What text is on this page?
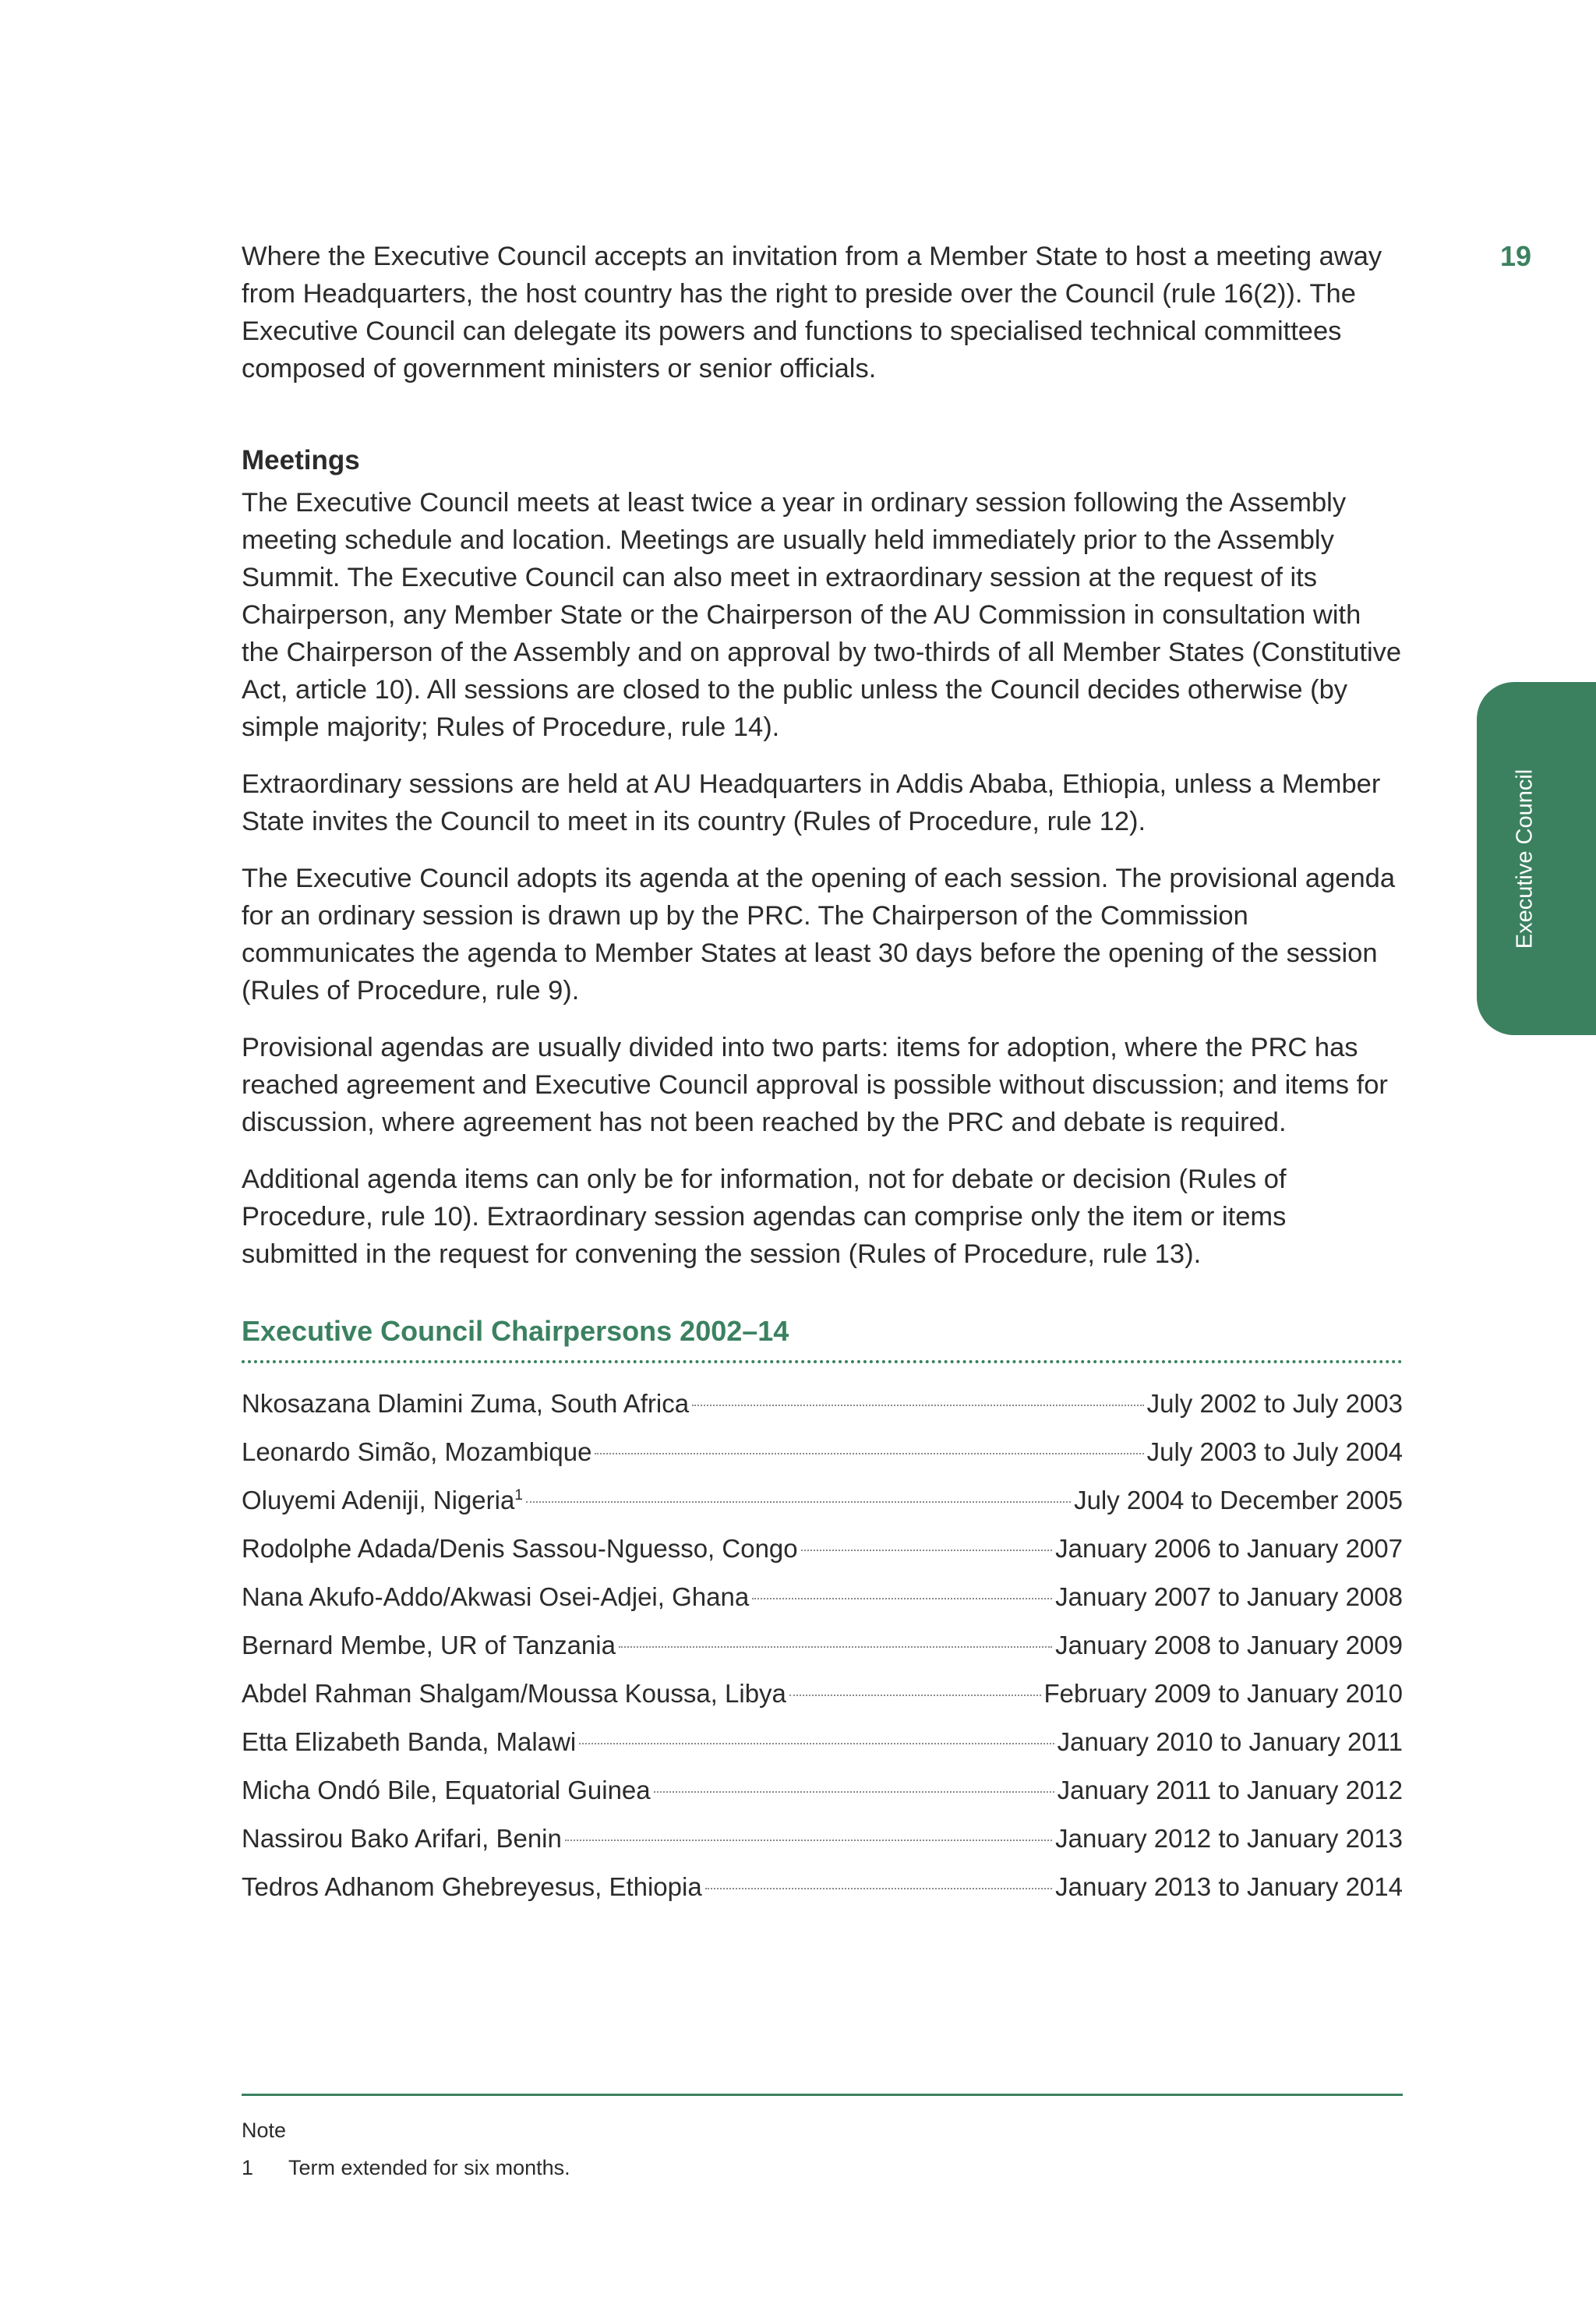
19
Executive Council

Where the Executive Council accepts an invitation from a Member State to host a meeting away from Headquarters, the host country has the right to preside over the Council (rule 16(2)). The Executive Council can delegate its powers and functions to specialised technical committees composed of government ministers or senior officials.

Meetings

The Executive Council meets at least twice a year in ordinary session following the Assembly meeting schedule and location. Meetings are usually held immediately prior to the Assembly Summit. The Executive Council can also meet in extraordinary session at the request of its Chairperson, any Member State or the Chairperson of the AU Commission in consultation with the Chairperson of the Assembly and on approval by two-thirds of all Member States (Constitutive Act, article 10). All sessions are closed to the public unless the Council decides otherwise (by simple majority; Rules of Procedure, rule 14).

Extraordinary sessions are held at AU Headquarters in Addis Ababa, Ethiopia, unless a Member State invites the Council to meet in its country (Rules of Procedure, rule 12).

The Executive Council adopts its agenda at the opening of each session. The provisional agenda for an ordinary session is drawn up by the PRC. The Chairperson of the Commission communicates the agenda to Member States at least 30 days before the opening of the session (Rules of Procedure, rule 9).

Provisional agendas are usually divided into two parts: items for adoption, where the PRC has reached agreement and Executive Council approval is possible without discussion; and items for discussion, where agreement has not been reached by the PRC and debate is required.

Additional agenda items can only be for information, not for debate or decision (Rules of Procedure, rule 10). Extraordinary session agendas can comprise only the item or items submitted in the request for convening the session (Rules of Procedure, rule 13).

Executive Council Chairpersons 2002–14
Nkosazana Dlamini Zuma, South Africa	July 2002 to July 2003
Leonardo Simão, Mozambique	July 2003 to July 2004
Oluyemi Adeniji, Nigeria$^1$	July 2004 to December 2005
Rodolphe Adada/Denis Sassou-Nguesso, Congo	January 2006 to January 2007
Nana Akufo-Addo/Akwasi Osei-Adjei, Ghana	January 2007 to January 2008
Bernard Membe, UR of Tanzania	January 2008 to January 2009
Abdel Rahman Shalgam/Moussa Koussa, Libya	February 2009 to January 2010
Etta Elizabeth Banda, Malawi	January 2010 to January 2011
Micha Ondó Bile, Equatorial Guinea	January 2011 to January 2012
Nassirou Bako Arifari, Benin	January 2012 to January 2013
Tedros Adhanom Ghebreyesus, Ethiopia	January 2013 to January 2014
Note
1	Term extended for six months.
